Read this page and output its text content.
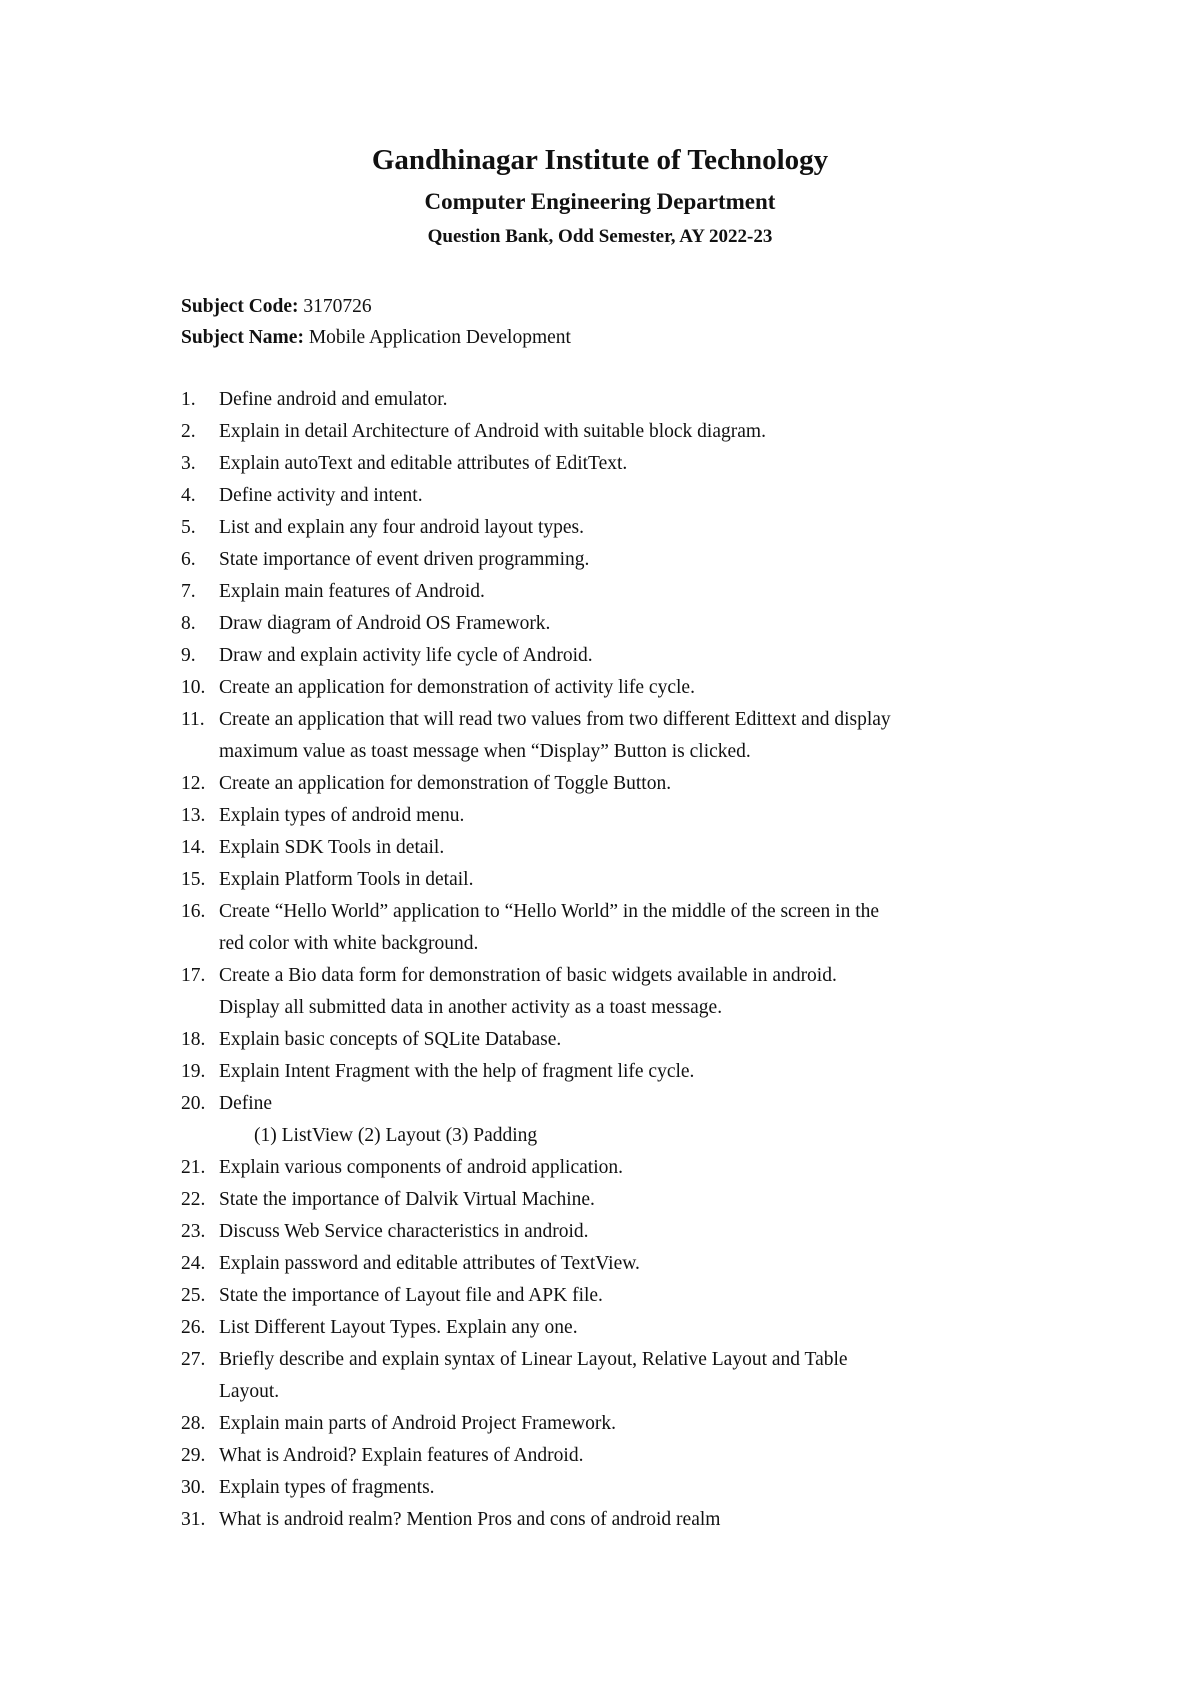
Gandhinagar Institute of Technology
Computer Engineering Department
Question Bank, Odd Semester, AY 2022-23
Subject Code: 3170726
Subject Name: Mobile Application Development
1. Define android and emulator.
2. Explain in detail Architecture of Android with suitable block diagram.
3. Explain autoText and editable attributes of EditText.
4. Define activity and intent.
5. List and explain any four android layout types.
6. State importance of event driven programming.
7. Explain main features of Android.
8. Draw diagram of Android OS Framework.
9. Draw and explain activity life cycle of Android.
10. Create an application for demonstration of activity life cycle.
11. Create an application that will read two values from two different Edittext and display
maximum value as toast message when “Display” Button is clicked.
12. Create an application for demonstration of Toggle Button.
13. Explain types of android menu.
14. Explain SDK Tools in detail.
15. Explain Platform Tools in detail.
16. Create “Hello World” application to “Hello World” in the middle of the screen in the
red color with white background.
17. Create a Bio data form for demonstration of basic widgets available in android.
Display all submitted data in another activity as a toast message.
18. Explain basic concepts of SQLite Database.
19. Explain Intent Fragment with the help of fragment life cycle.
20. Define
(1) ListView (2) Layout (3) Padding
21. Explain various components of android application.
22. State the importance of Dalvik Virtual Machine.
23. Discuss Web Service characteristics in android.
24. Explain password and editable attributes of TextView.
25. State the importance of Layout file and APK file.
26. List Different Layout Types. Explain any one.
27. Briefly describe and explain syntax of Linear Layout, Relative Layout and Table
Layout.
28. Explain main parts of Android Project Framework.
29. What is Android? Explain features of Android.
30. Explain types of fragments.
31. What is android realm? Mention Pros and cons of android realm
